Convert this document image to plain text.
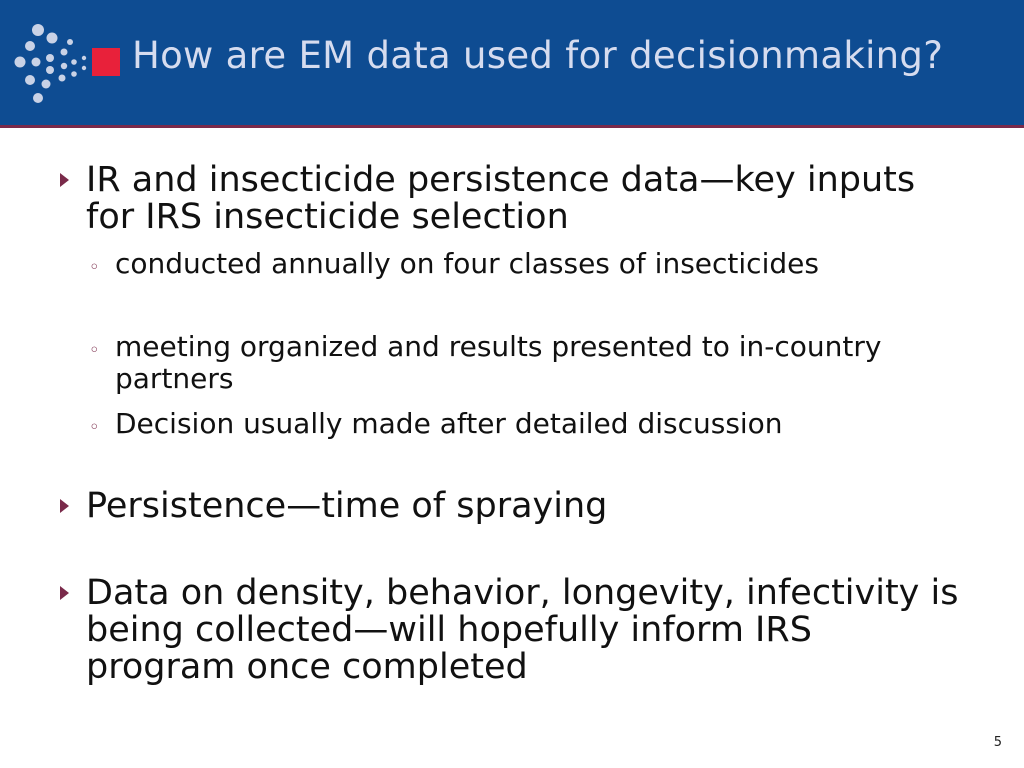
How are EM data used for decisionmaking?
IR and insecticide persistence data—key inputs for IRS insecticide selection
◦ conducted annually on four classes of insecticides
◦ meeting organized and results presented to in-country partners
◦ Decision usually made after detailed discussion
Persistence—time of spraying
Data on density, behavior, longevity, infectivity is being collected—will hopefully inform IRS program once completed
5
